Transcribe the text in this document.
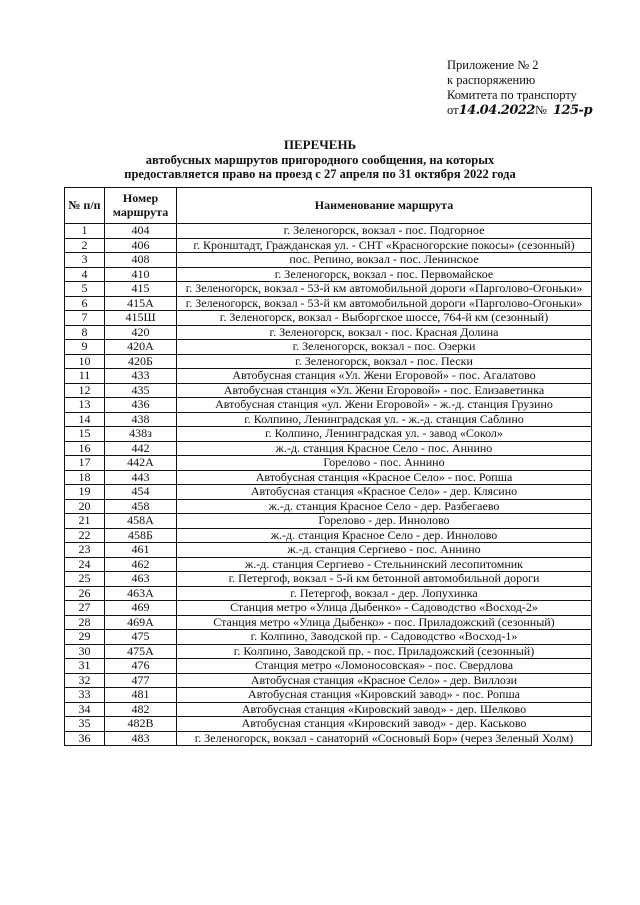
Приложение № 2
к распоряжению
Комитета по транспорту
от14.04.2022№ 125-р
ПЕРЕЧЕНЬ
автобусных маршрутов пригородного сообщения, на которых
предоставляется право на проезд с 27 апреля по 31 октября 2022 года
№ п/п	Номер маршрута	Наименование маршрута
1	404	г. Зеленогорск, вокзал - пос. Подгорное
2	406	г. Кронштадт, Гражданская ул. - СНТ «Красногорские покосы» (сезонный)
3	408	пос. Репино, вокзал - пос. Ленинское
4	410	г. Зеленогорск, вокзал - пос. Первомайское
5	415	г. Зеленогорск, вокзал - 53-й км автомобильной дороги «Парголово-Огоньки»
6	415А	г. Зеленогорск, вокзал - 53-й км автомобильной дороги «Парголово-Огоньки»
7	415Ш	г. Зеленогорск, вокзал - Выборгское шоссе, 764-й км (сезонный)
8	420	г. Зеленогорск, вокзал - пос. Красная Долина
9	420А	г. Зеленогорск, вокзал - пос. Озерки
10	420Б	г. Зеленогорск, вокзал - пос. Пески
11	433	Автобусная станция «Ул. Жени Егоровой» - пос. Агалатово
12	435	Автобусная станция «Ул. Жени Егоровой» - пос. Елизаветинка
13	436	Автобусная станция «ул. Жени Егоровой» - ж.-д. станция Грузино
14	438	г. Колпино, Ленинградская ул. - ж.-д. станция Саблино
15	438з	г. Колпино, Ленинградская ул. - завод «Сокол»
16	442	ж.-д. станция Красное Село - пос. Аннино
17	442А	Горелово - пос. Аннино
18	443	Автобусная станция «Красное Село» - пос. Ропша
19	454	Автобусная станция «Красное Село» - дер. Клясино
20	458	ж.-д. станция Красное Село - дер. Разбегаево
21	458А	Горелово - дер. Иннолово
22	458Б	ж.-д. станция Красное Село - дер. Иннолово
23	461	ж.-д. станция Сергиево - пос. Аннино
24	462	ж.-д. станция Сергиево - Стельнинский лесопитомник
25	463	г. Петергоф, вокзал - 5-й км бетонной автомобильной дороги
26	463А	г. Петергоф, вокзал - дер. Лопухинка
27	469	Станция метро «Улица Дыбенко» - Садоводство «Восход-2»
28	469А	Станция метро «Улица Дыбенко» - пос. Приладожский (сезонный)
29	475	г. Колпино, Заводской пр. - Садоводство «Восход-1»
30	475А	г. Колпино, Заводской пр. - пос. Приладожский (сезонный)
31	476	Станция метро «Ломоносовская» - пос. Свердлова
32	477	Автобусная станция «Красное Село» - дер. Виллози
33	481	Автобусная станция «Кировский завод» - пос. Ропша
34	482	Автобусная станция «Кировский завод» - дер. Шелково
35	482В	Автобусная станция «Кировский завод» - дер. Каськово
36	483	г. Зеленогорск, вокзал - санаторий «Сосновый Бор» (через Зеленый Холм)
